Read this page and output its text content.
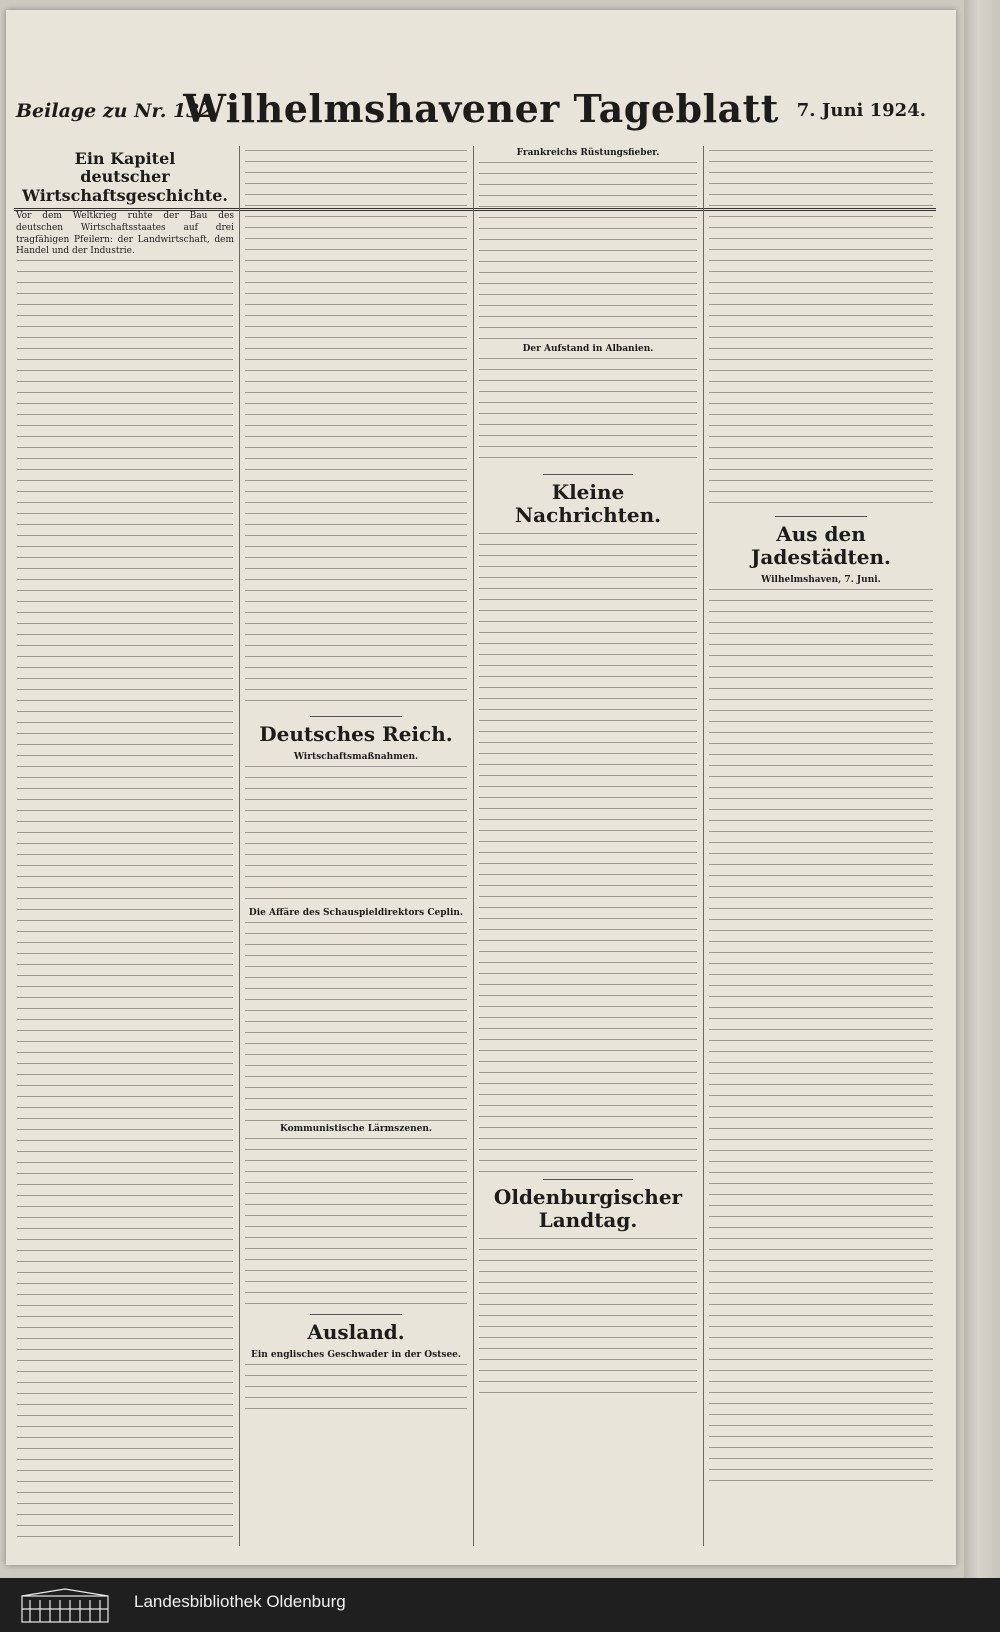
Beilage zu Nr. 132.
Wilhelmshavener Tageblatt	7. Juni 1924.
Ein Kapitel
deutscher Wirtschaftsgeschichte.
Vor dem Weltkrieg ruhte der Bau des deutschen Wirtschaftsstaates auf drei tragfähigen Pfeilern: der Landwirtschaft, dem Handel und der Industrie.
Deutsches Reich.
Wirtschaftsmaßnahmen.
Die Affäre des Schauspieldirektors Ceplin.
Kommunistische Lärmszenen.
Ausland.
Ein englisches Geschwader in der Ostsee.
Frankreichs Rüstungsfieber.
Der Aufstand in Albanien.
Kleine Nachrichten.
Oldenburgischer Landtag.
Aus den Jadestädten.
Wilhelmshaven, 7. Juni.
Landesbibliothek Oldenburg
